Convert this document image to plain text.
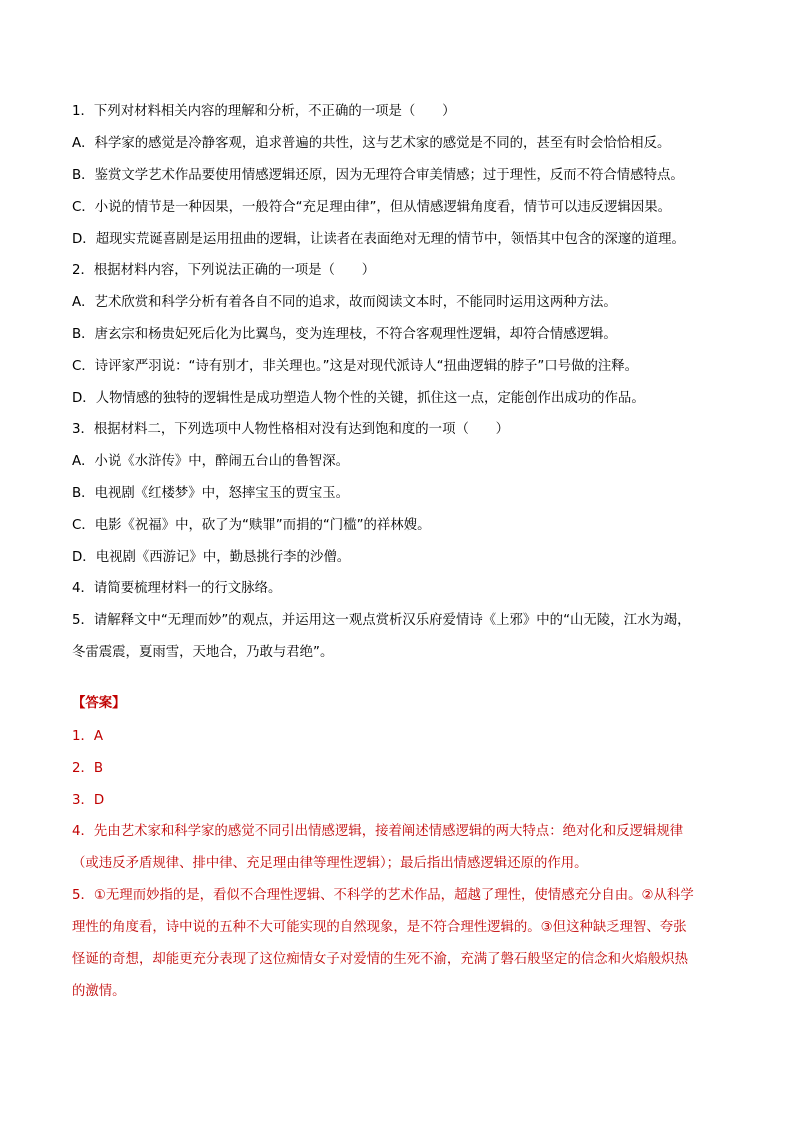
1．下列对材料相关内容的理解和分析，不正确的一项是（　　）
A．科学家的感觉是冷静客观，追求普遍的共性，这与艺术家的感觉是不同的，甚至有时会恰恰相反。
B．鉴赏文学艺术作品要使用情感逻辑还原，因为无理符合审美情感；过于理性，反而不符合情感特点。
C．小说的情节是一种因果，一般符合“充足理由律”，但从情感逻辑角度看，情节可以违反逻辑因果。
D．超现实荒诞喜剧是运用扭曲的逻辑，让读者在表面绝对无理的情节中，领悟其中包含的深邃的道理。
2．根据材料内容，下列说法正确的一项是（　　）
A．艺术欣赏和科学分析有着各自不同的追求，故而阅读文本时，不能同时运用这两种方法。
B．唐玄宗和杨贵妃死后化为比翼鸟，变为连理枝，不符合客观理性逻辑，却符合情感逻辑。
C．诗评家严羽说：“诗有别才，非关理也。”这是对现代派诗人“扭曲逻辑的脖子”口号做的注释。
D．人物情感的独特的逻辑性是成功塑造人物个性的关键，抓住这一点，定能创作出成功的作品。
3．根据材料二，下列选项中人物性格相对没有达到饱和度的一项（　　）
A．小说《水浒传》中，醉闹五台山的鲁智深。
B．电视剧《红楼梦》中，怒摔宝玉的贾宝玉。
C．电影《祝福》中，砍了为“赎罪”而捐的“门槛”的祥林嫂。
D．电视剧《西游记》中，勤恳挑行李的沙僧。
4．请简要梳理材料一的行文脉络。
5．请解释文中“无理而妙”的观点，并运用这一观点赏析汉乐府爱情诗《上邪》中的“山无陵，江水为竭，
冬雷震震，夏雨雪，天地合，乃敢与君绝”。
【答案】
1．A
2．B
3．D
4．先由艺术家和科学家的感觉不同引出情感逻辑，接着阐述情感逻辑的两大特点：绝对化和反逻辑规律
（或违反矛盾规律、排中律、充足理由律等理性逻辑）；最后指出情感逻辑还原的作用。
5．①无理而妙指的是，看似不合理性逻辑、不科学的艺术作品，超越了理性，使情感充分自由。②从科学
理性的角度看，诗中说的五种不大可能实现的自然现象，是不符合理性逻辑的。③但这种缺乏理智、夸张
怪诞的奇想，却能更充分表现了这位痴情女子对爱情的生死不渝，充满了磐石般坚定的信念和火焰般炽热
的激情。
